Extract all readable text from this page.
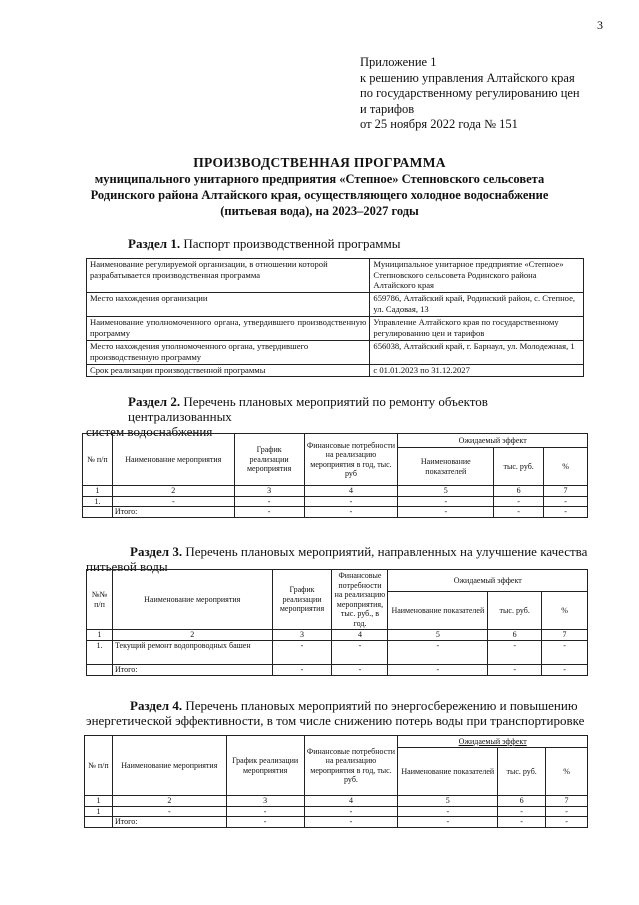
3
Приложение 1
к решению управления Алтайского края
по государственному регулированию цен
и тарифов
от 25 ноября 2022 года № 151
ПРОИЗВОДСТВЕННАЯ ПРОГРАММА
муниципального унитарного предприятия «Степное» Степновского сельсовета
Родинского района Алтайского края, осуществляющего холодное водоснабжение
(питьевая вода), на 2023–2027 годы
Раздел 1. Паспорт производственной программы
Наименование регулируемой организации, в отношении которой разрабатывается производственная программа	Муниципальное унитарное предприятие «Степное» Степновского сельсовета Родинского района Алтайского края
Место нахождения организации	659786, Алтайский край, Родинский район, с. Степное, ул. Садовая, 13
Наименование уполномоченного органа, утвердившего производственную программу	Управление Алтайского края по государственному регулированию цен и тарифов
Место нахождения уполномоченного органа, утвердившего производственную программу	656038, Алтайский край, г. Барнаул, ул. Молодежная, 1
Срок реализации производственной программы	с 01.01.2023 по 31.12.2027
Раздел 2. Перечень плановых мероприятий по ремонту объектов централизованных
систем водоснабжения
№ п/п	Наименование мероприятия	График реализации мероприятия	Финансовые потребности на реализацию мероприятия в год, тыс. руб	Ожидаемый эффект		
				Наименование показателей	тыс. руб.	%
1	2	3	4	5	6	7
1.	-	-	-	-	-	-
	Итого:	-	-	-	-	-
Раздел 3. Перечень плановых мероприятий, направленных на улучшение качества
питьевой воды
№№ п/п	Наименование мероприятия	График реализации мероприятия	Финансовые потребности на реализацию мероприятия, тыс. руб., в год.	Ожидаемый эффект		
				Наименование показателей	тыс. руб.	%
1	2	3	4	5	6	7
1.	Текущий ремонт водопроводных башен	-	-	-	-	-
	Итого:	-	-	-	-	-
Раздел 4. Перечень плановых мероприятий по энергосбережению и повышению
энергетической эффективности, в том числе снижению потерь воды при транспортировке
№ п/п	Наименование мероприятия	График реализации мероприятия	Финансовые потребности на реализацию мероприятия в год, тыс. руб.	Ожидаемый эффект		
				Наименование показателей	тыс. руб.	%
1	2	3	4	5	6	7
1	-	-	-	-	-	-
	Итого:	-	-	-	-	-
